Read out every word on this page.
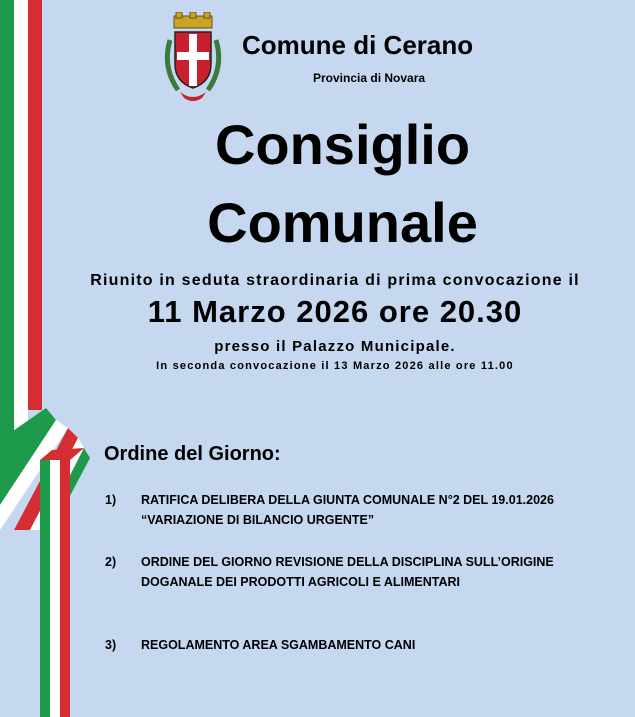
Comune di Cerano
Provincia di Novara
Consiglio
Comunale
Riunito in seduta straordinaria di prima convocazione il
11 Marzo 2026 ore 20.30
presso il Palazzo Municipale.
In seconda convocazione il 13 Marzo 2026 alle ore 11.00
Ordine del Giorno:
1) RATIFICA DELIBERA DELLA GIUNTA COMUNALE N°2 DEL 19.01.2026 “VARIAZIONE DI BILANCIO URGENTE”
2) ORDINE DEL GIORNO REVISIONE DELLA DISCIPLINA SULL’ORIGINE DOGANALE DEI PRODOTTI AGRICOLI E ALIMENTARI
3) REGOLAMENTO AREA SGAMBAMENTO CANI
